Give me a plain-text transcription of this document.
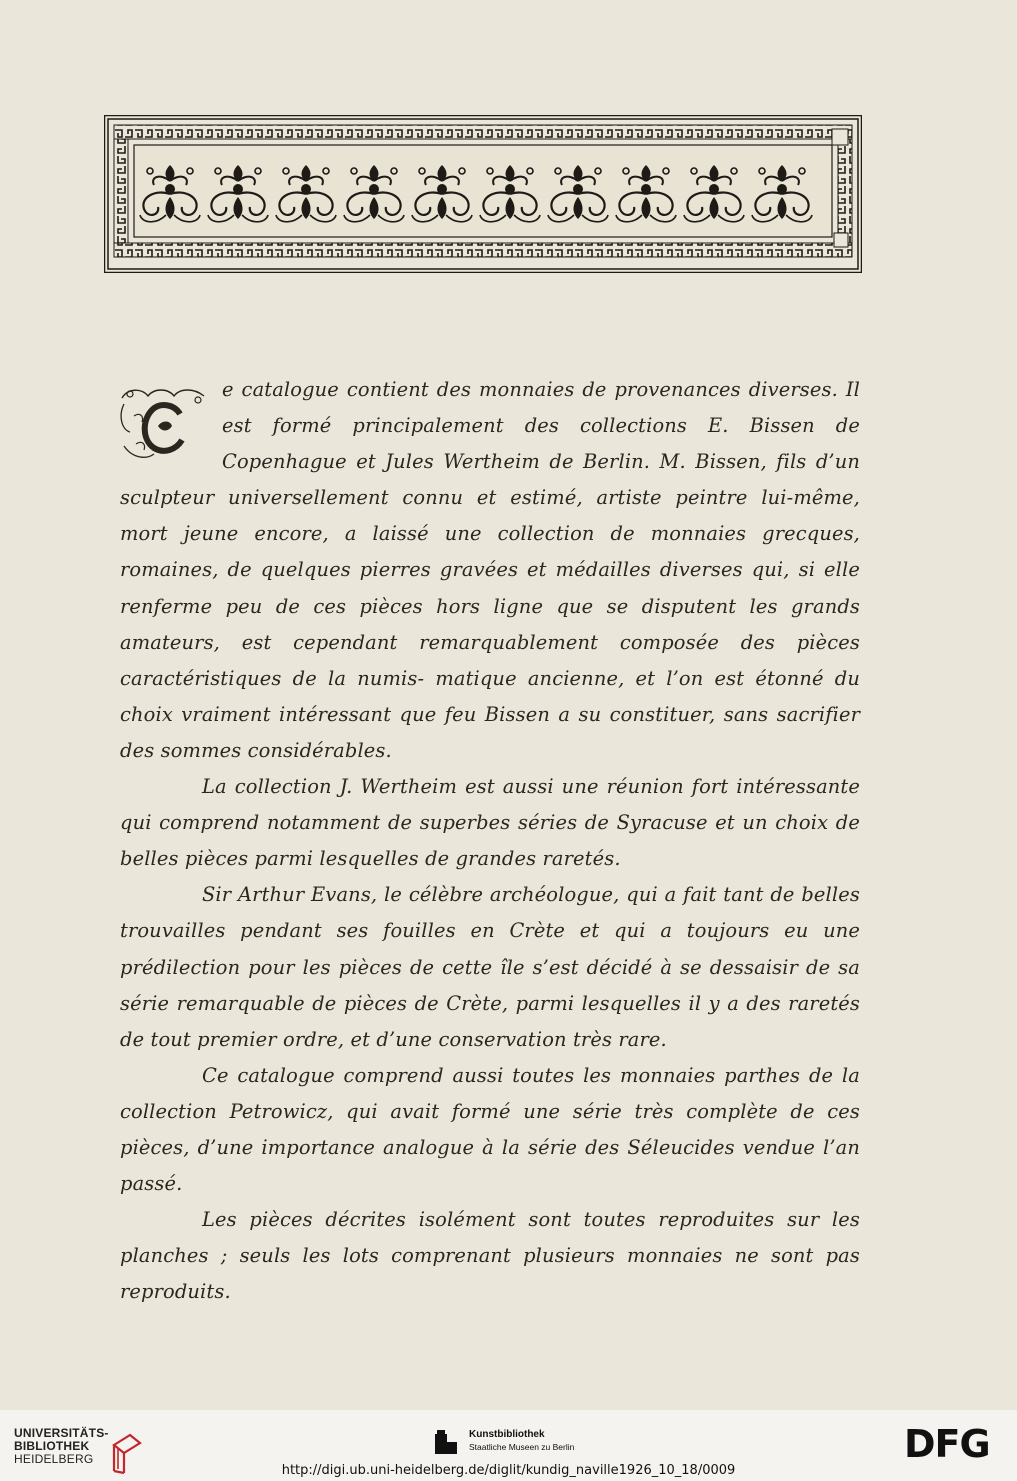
e catalogue contient des monnaies de provenances diverses. Il est formé principalement des collections E. Bissen de Copenhague et Jules Wertheim de Berlin. M. Bissen, fils d’un sculpteur universellement connu et estimé, artiste peintre lui-même, mort jeune encore, a laissé une collection de monnaies grecques, romaines, de quelques pierres gravées et médailles diverses qui, si elle renferme peu de ces pièces hors ligne que se disputent les grands amateurs, est cependant remarquablement composée des pièces caractéristiques de la numis- matique ancienne, et l’on est étonné du choix vraiment intéressant que feu Bissen a su constituer, sans sacrifier des sommes considérables.

La collection J. Wertheim est aussi une réunion fort intéressante qui comprend notamment de superbes séries de Syracuse et un choix de belles pièces parmi lesquelles de grandes raretés.

Sir Arthur Evans, le célèbre archéologue, qui a fait tant de belles trouvailles pendant ses fouilles en Crète et qui a toujours eu une prédilection pour les pièces de cette île s’est décidé à se dessaisir de sa série remarquable de pièces de Crète, parmi lesquelles il y a des raretés de tout premier ordre, et d’une conservation très rare.

Ce catalogue comprend aussi toutes les monnaies parthes de la collection Petrowicz, qui avait formé une série très complète de ces pièces, d’une importance analogue à la série des Séleucides vendue l’an passé.

Les pièces décrites isolément sont toutes reproduites sur les planches ; seuls les lots comprenant plusieurs monnaies ne sont pas reproduits.

UNIVERSITÄTS-
BIBLIOTHEK
HEIDELBERG
Kunstbibliothek
Staatliche Museen zu Berlin	DFG
http://digi.ub.uni-heidelberg.de/diglit/kundig_naville1926_10_18/0009
